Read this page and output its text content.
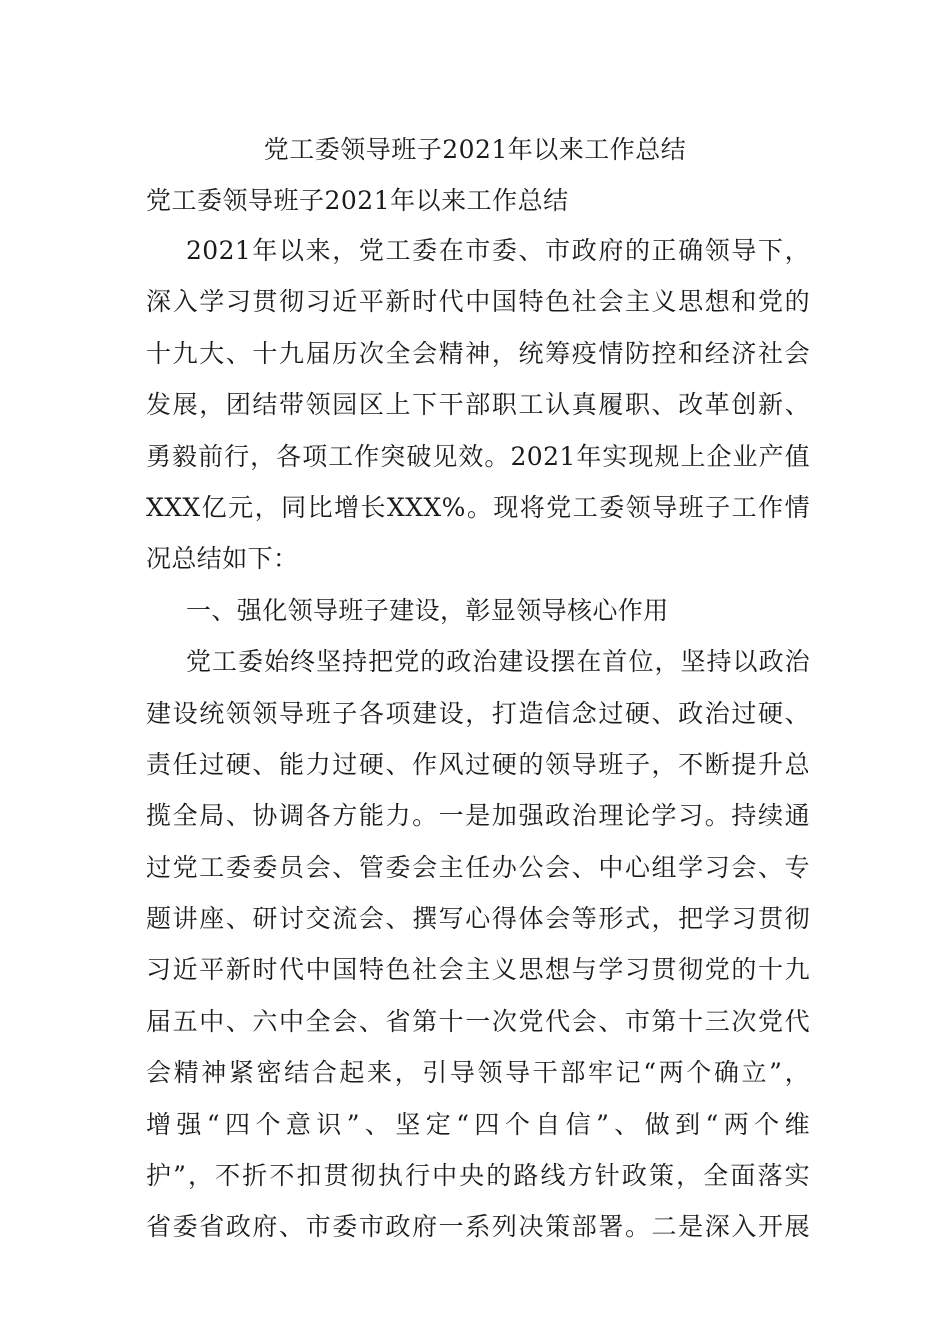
党工委领导班子2021年以来工作总结
党工委领导班子2021年以来工作总结
2021年以来，党工委在市委、市政府的正确领导下，
深入学习贯彻习近平新时代中国特色社会主义思想和党的
十九大、十九届历次全会精神，统筹疫情防控和经济社会
发展，团结带领园区上下干部职工认真履职、改革创新、
勇毅前行，各项工作突破见效。2021年实现规上企业产值
XXX亿元，同比增长XXX%。现将党工委领导班子工作情
况总结如下：
一、强化领导班子建设，彰显领导核心作用
党工委始终坚持把党的政治建设摆在首位，坚持以政治
建设统领领导班子各项建设，打造信念过硬、政治过硬、
责任过硬、能力过硬、作风过硬的领导班子，不断提升总
揽全局、协调各方能力。一是加强政治理论学习。持续通
过党工委委员会、管委会主任办公会、中心组学习会、专
题讲座、研讨交流会、撰写心得体会等形式，把学习贯彻
习近平新时代中国特色社会主义思想与学习贯彻党的十九
届五中、六中全会、省第十一次党代会、市第十三次党代
会精神紧密结合起来，引导领导干部牢记“两个确立”，
增强“四个意识”、坚定“四个自信”、做到“两个维
护”，不折不扣贯彻执行中央的路线方针政策，全面落实
省委省政府、市委市政府一系列决策部署。二是深入开展
